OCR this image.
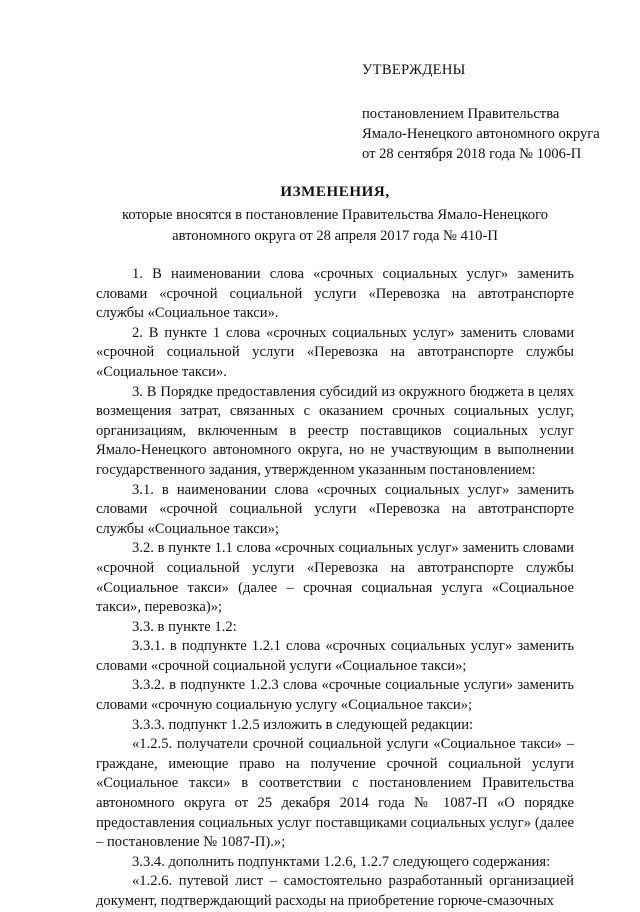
УТВЕРЖДЕНЫ
постановлением Правительства
Ямало-Ненецкого автономного округа
от 28 сентября 2018 года № 1006-П
ИЗМЕНЕНИЯ,
которые вносятся в постановление Правительства Ямало-Ненецкого
автономного округа от 28 апреля 2017 года № 410-П

1. В наименовании слова «срочных социальных услуг» заменить словами «срочной социальной услуги «Перевозка на автотранспорте службы «Социальное такси».

2. В пункте 1 слова «срочных социальных услуг» заменить словами «срочной социальной услуги «Перевозка на автотранспорте службы «Социальное такси».

3. В Порядке предоставления субсидий из окружного бюджета в целях возмещения затрат, связанных с оказанием срочных социальных услуг, организациям, включенным в реестр поставщиков социальных услуг Ямало-Ненецкого автономного округа, но не участвующим в выполнении государственного задания, утвержденном указанным постановлением:

3.1. в наименовании слова «срочных социальных услуг» заменить словами «срочной социальной услуги «Перевозка на автотранспорте службы «Социальное такси»;

3.2. в пункте 1.1 слова «срочных социальных услуг» заменить словами «срочной социальной услуги «Перевозка на автотранспорте службы «Социальное такси» (далее – срочная социальная услуга «Социальное такси», перевозка)»;

3.3. в пункте 1.2:

3.3.1. в подпункте 1.2.1 слова «срочных социальных услуг» заменить словами «срочной социальной услуги «Социальное такси»;

3.3.2. в подпункте 1.2.3 слова «срочные социальные услуги» заменить словами «срочную социальную услугу «Социальное такси»;

3.3.3. подпункт 1.2.5 изложить в следующей редакции:

«1.2.5. получатели срочной социальной услуги «Социальное такси» – граждане, имеющие право на получение срочной социальной услуги «Социальное такси» в соответствии с постановлением Правительства автономного округа от 25 декабря 2014 года № 1087-П «О порядке предоставления социальных услуг поставщиками социальных услуг» (далее – постановление № 1087-П).»;

3.3.4. дополнить подпунктами 1.2.6, 1.2.7 следующего содержания:

«1.2.6. путевой лист – самостоятельно разработанный организацией документ, подтверждающий расходы на приобретение горюче-смазочных
